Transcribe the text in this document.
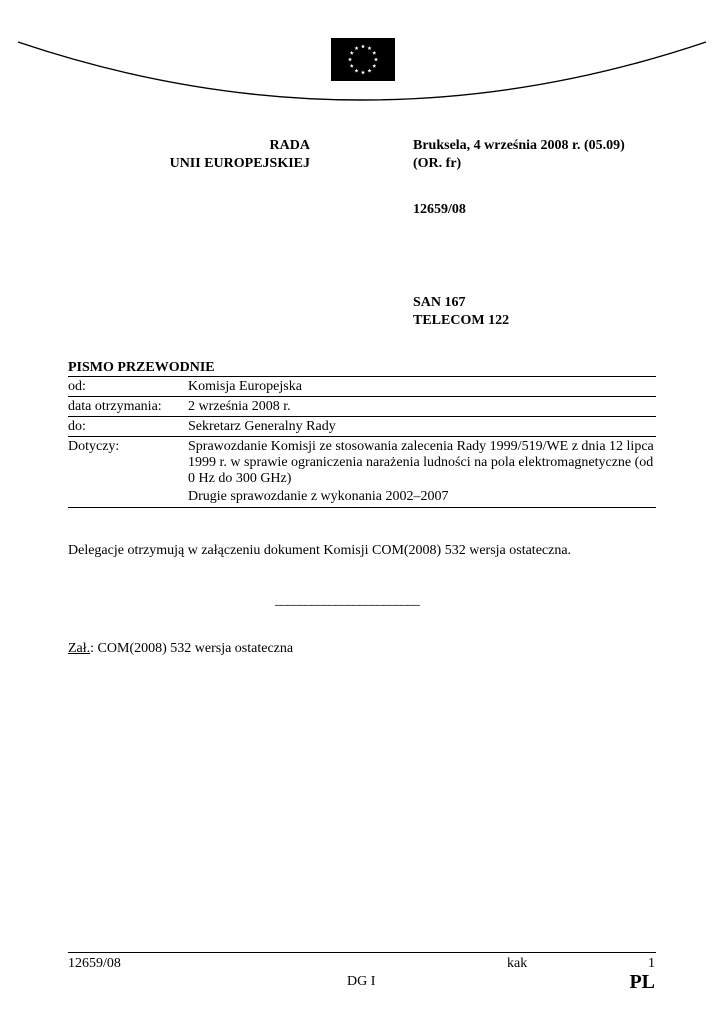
RADA
UNII EUROPEJSKIEJ
Bruksela, 4 września 2008 r. (05.09)
(OR. fr)
12659/08
SAN 167
TELECOM 122
PISMO PRZEWODNIE
od:	Komisja Europejska
data otrzymania:	2 września 2008 r.
do:	Sekretarz Generalny Rady
Dotyczy:	Sprawozdanie Komisji ze stosowania zalecenia Rady 1999/519/WE z dnia 12 lipca 1999 r. w sprawie ograniczenia narażenia ludności na pola elektromagnetyczne (od 0 Hz do 300 GHz)
Drugie sprawozdanie z wykonania 2002–2007
Delegacje otrzymują w załączeniu dokument Komisji COM(2008) 532 wersja ostateczna.
________________________
Zał.: COM(2008) 532 wersja ostateczna
12659/08	kak	1
DG I	PL
